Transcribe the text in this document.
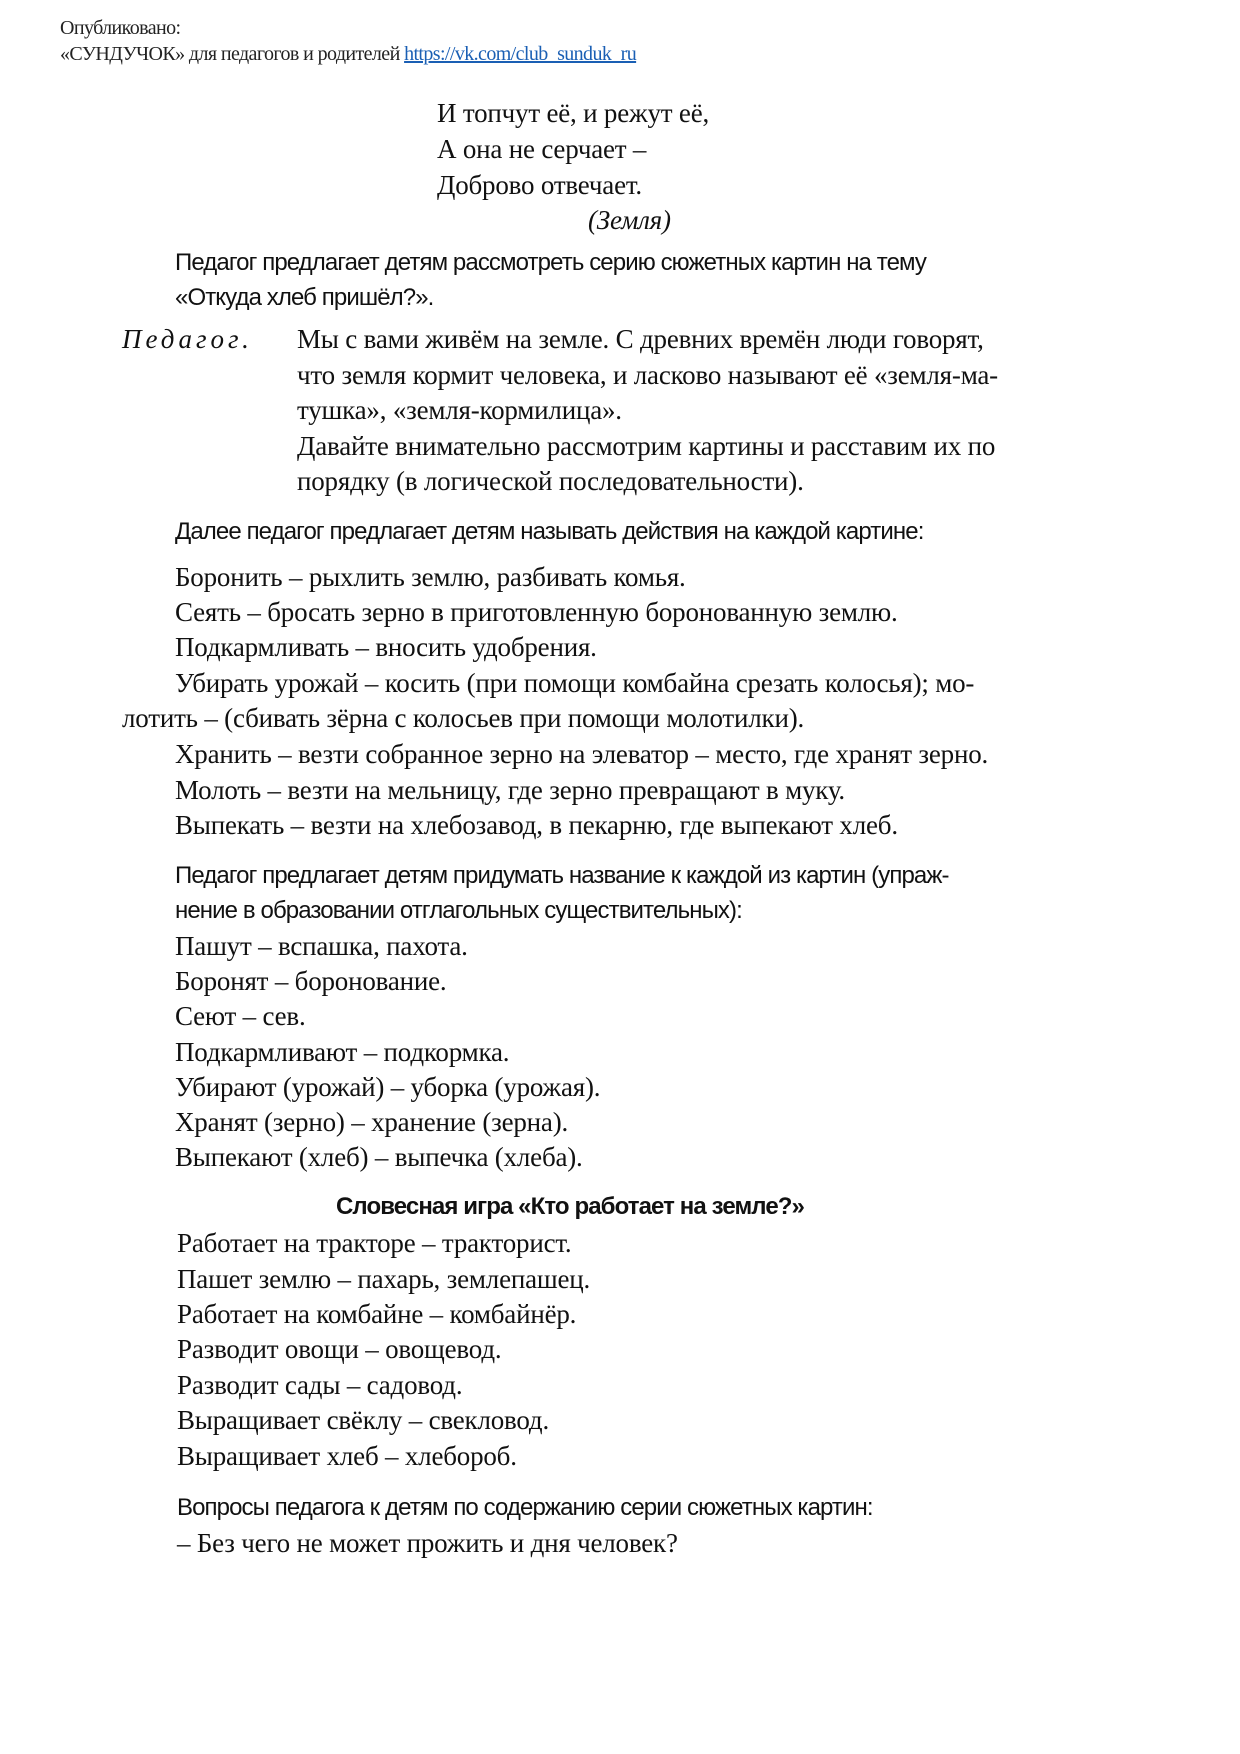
Опубликовано:
«СУНДУЧОК» для педагогов и родителей https://vk.com/club_sunduk_ru
И топчут её, и режут её,
А она не серчает –
Доброво отвечает.
(Земля)
Педагог предлагает детям рассмотреть серию сюжетных картин на тему
«Откуда хлеб пришёл?».
Педагог. Мы с вами живём на земле. С древних времён люди говорят,
что земля кормит человека, и ласково называют её «земля-ма-
тушка», «земля-кормилица».
Давайте внимательно рассмотрим картины и расставим их по
порядку (в логической последовательности).
Далее педагог предлагает детям называть действия на каждой картине:
Боронить – рыхлить землю, разбивать комья.
Сеять – бросать зерно в приготовленную боронованную землю.
Подкармливать – вносить удобрения.
Убирать урожай – косить (при помощи комбайна срезать колосья); мо-
лотить – (сбивать зёрна с колосьев при помощи молотилки).
Хранить – везти собранное зерно на элеватор – место, где хранят зерно.
Молоть – везти на мельницу, где зерно превращают в муку.
Выпекать – везти на хлебозавод, в пекарню, где выпекают хлеб.
Педагог предлагает детям придумать название к каждой из картин (упраж-
нение в образовании отглагольных существительных):
Пашут – вспашка, пахота.
Боронят – боронование.
Сеют – сев.
Подкармливают – подкормка.
Убирают (урожай) – уборка (урожая).
Хранят (зерно) – хранение (зерна).
Выпекают (хлеб) – выпечка (хлеба).
Словесная игра «Кто работает на земле?»
Работает на тракторе – тракторист.
Пашет землю – пахарь, землепашец.
Работает на комбайне – комбайнёр.
Разводит овощи – овощевод.
Разводит сады – садовод.
Выращивает свёклу – свекловод.
Выращивает хлеб – хлебороб.
Вопросы педагога к детям по содержанию серии сюжетных картин:
– Без чего не может прожить и дня человек?
